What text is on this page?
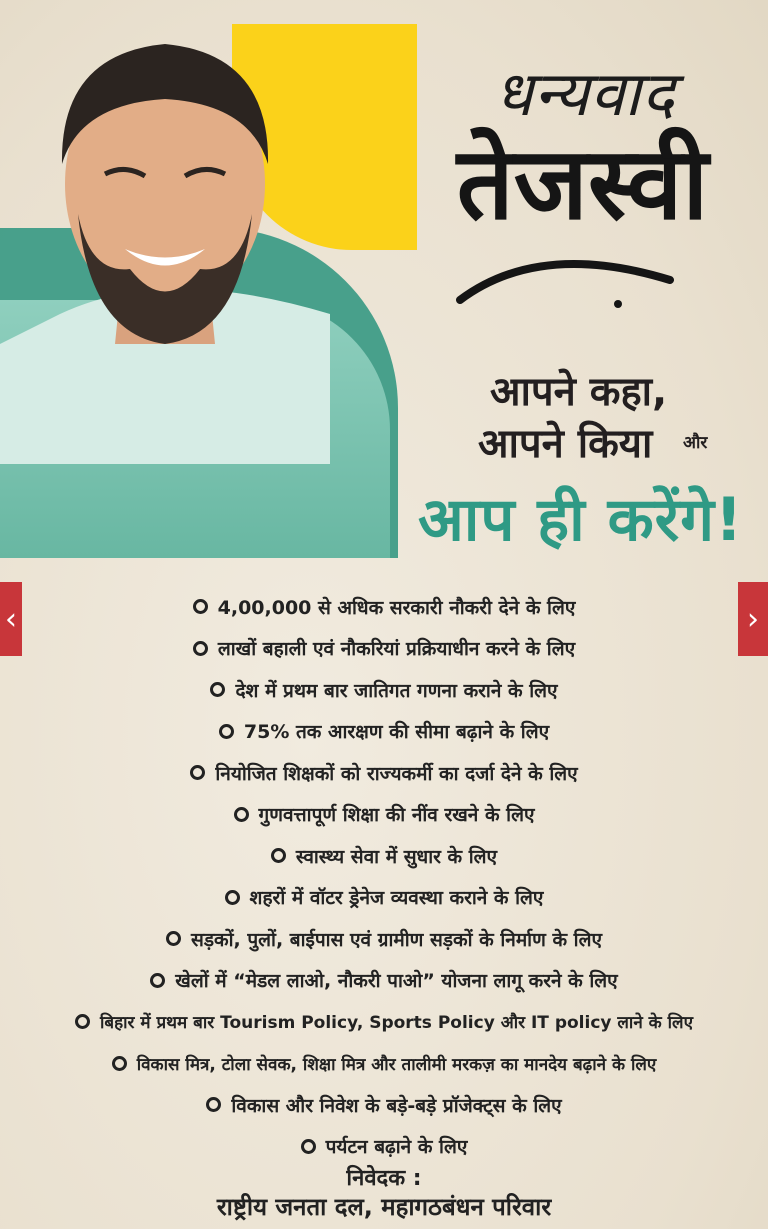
धन्यवाद
तेजस्वी
आपने कहा,
आपने किया और
आप ही करेंगे!
‹	›
4,00,000 से अधिक सरकारी नौकरी देने के लिए
लाखों बहाली एवं नौकरियां प्रक्रियाधीन करने के लिए
देश में प्रथम बार जातिगत गणना कराने के लिए
75% तक आरक्षण की सीमा बढ़ाने के लिए
नियोजित शिक्षकों को राज्यकर्मी का दर्जा देने के लिए
गुणवत्तापूर्ण शिक्षा की नींव रखने के लिए
स्वास्थ्य सेवा में सुधार के लिए
शहरों में वॉटर ड्रेनेज व्यवस्था कराने के लिए
सड़कों, पुलों, बाईपास एवं ग्रामीण सड़कों के निर्माण के लिए
खेलों में “मेडल लाओ, नौकरी पाओ” योजना लागू करने के लिए
बिहार में प्रथम बार Tourism Policy, Sports Policy और IT policy लाने के लिए
विकास मित्र, टोला सेवक, शिक्षा मित्र और तालीमी मरकज़ का मानदेय बढ़ाने के लिए
विकास और निवेश के बड़े-बड़े प्रॉजेक्ट्स के लिए
पर्यटन बढ़ाने के लिए
निवेदक :
राष्ट्रीय जनता दल, महागठबंधन परिवार
